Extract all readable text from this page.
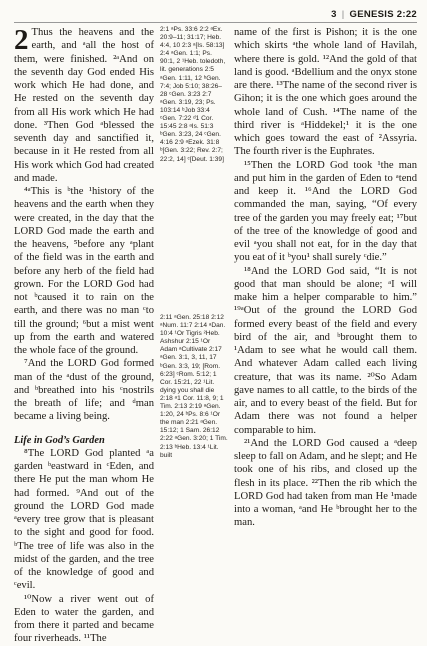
3 | GENESIS 2:22

2 Thus the heavens and the earth, and ᵃall the host of them, were finished. ²ᵃAnd on the seventh day God ended His work which He had done, and He rested on the seventh day from all His work which He had done. ³Then God ᵃblessed the seventh day and sanctified it, because in it He rested from all His work which God had created and made.

⁴ᵃThis is ᵇthe ¹history of the heavens and the earth when they were created, in the day that the LORD God made the earth and the heavens, ⁵before any ᵃplant of the field was in the earth and before any herb of the field had grown. For the LORD God had not ᵇcaused it to rain on the earth, and there was no man ᶜto till the ground; ⁶but a mist went up from the earth and watered the whole face of the ground.

⁷And the LORD God formed man of the ᵃdust of the ground, and ᵇbreathed into his ᶜnostrils the breath of life; and ᵈman became a living being.

Life in God’s Garden

⁸The LORD God planted ᵃa garden ᵇeastward in ᶜEden, and there He put the man whom He had formed. ⁹And out of the ground the LORD God made ᵃevery tree grow that is pleasant to the sight and good for food. ᵇThe tree of life was also in the midst of the garden, and the tree of the knowledge of good and ᶜevil.

¹⁰Now a river went out of Eden to water the garden, and from there it parted and became four riverheads. ¹¹The

2:1 ᵃPs. 33:6 2:2 ᵃEx. 20:9–11; 31:17; Heb. 4:4, 10 2:3 ᵃ[Is. 58:13] 2:4 ᵃGen. 1:1; Ps. 90:1, 2 ¹Heb. toledoth, lit. generations 2:5 ᵃGen. 1:11, 12 ᵇGen. 7:4; Job 5:10; 38:26–28 ᶜGen. 3:23 2:7 ᵃGen. 3:19, 23; Ps. 103:14 ᵇJob 33:4 ᶜGen. 7:22 ᵈ1 Cor. 15:45 2:8 ᵃIs. 51:3 ᵇGen. 3:23, 24 ᶜGen. 4:16 2:9 ᵃEzek. 31:8 ᵇ[Gen. 3:22; Rev. 2:7; 22:2, 14] ᶜ[Deut. 1:39]
2:11 ᵃGen. 25:18 2:12 ᵃNum. 11:7 2:14 ᵃDan. 10:4 ¹Or Tigris ²Heb. Ashshur 2:15 ¹Or Adam ᵃCultivate 2:17 ᵃGen. 3:1, 3, 11, 17 ᵇGen. 3:3, 19; [Rom. 6:23] ᶜRom. 5:12; 1 Cor. 15:21, 22 ¹Lit. dying you shall die 2:18 ᵃ1 Cor. 11:8, 9; 1 Tim. 2:13 2:19 ᵃGen. 1:20, 24 ᵇPs. 8:6 ¹Or the man 2:21 ᵃGen. 15:12; 1 Sam. 26:12 2:22 ᵃGen. 3:20; 1 Tim. 2:13 ᵇHeb. 13:4 ¹Lit. built

name of the first is Pishon; it is the one which skirts ᵃthe whole land of Havilah, where there is gold. ¹²And the gold of that land is good. ᵃBdellium and the onyx stone are there. ¹³The name of the second river is Gihon; it is the one which goes around the whole land of Cush. ¹⁴The name of the third river is ᵃHiddekel;¹ it is the one which goes toward the east of ²Assyria. The fourth river is the Euphrates.

¹⁵Then the LORD God took ¹the man and put him in the garden of Eden to ᵃtend and keep it. ¹⁶And the LORD God commanded the man, saying, “Of every tree of the garden you may freely eat; ¹⁷but of the tree of the knowledge of good and evil ᵃyou shall not eat, for in the day that you eat of it ᵇyou¹ shall surely ᶜdie.”

¹⁸And the LORD God said, “It is not good that man should be alone; ᵃI will make him a helper comparable to him.” ¹⁹ᵃOut of the ground the LORD God formed every beast of the field and every bird of the air, and ᵇbrought them to ¹Adam to see what he would call them. And whatever Adam called each living creature, that was its name. ²⁰So Adam gave names to all cattle, to the birds of the air, and to every beast of the field. But for Adam there was not found a helper comparable to him.

²¹And the LORD God caused a ᵃdeep sleep to fall on Adam, and he slept; and He took one of his ribs, and closed up the flesh in its place. ²²Then the rib which the LORD God had taken from man He ¹made into a woman, ᵃand He ᵇbrought her to the man.
